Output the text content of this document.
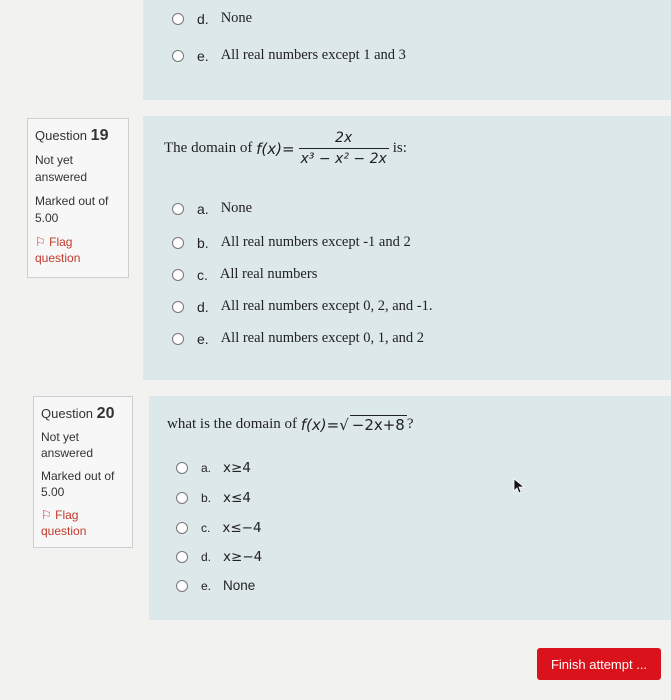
d. None
e. All real numbers except 1 and 3
Question 19
Not yet
answered
Marked out of
5.00
⚐ Flag
question
The domain of
$f(x) = \frac{2x}{\text{x³ − x² − 2x}}$ is:
a. None
b. All real numbers except -1 and 2
c. All real numbers
d. All real numbers except 0, 2, and -1.
e. All real numbers except 0, 1, and 2
Question 20
Not yet
answered
Marked out of
5.00
⚐ Flag
question
what is the domain of
f(x) = √ −2x+8 ?
a. x≥4
b. x≤4
c. x≤−4
d. x≥−4
e. None
Finish attempt ...
